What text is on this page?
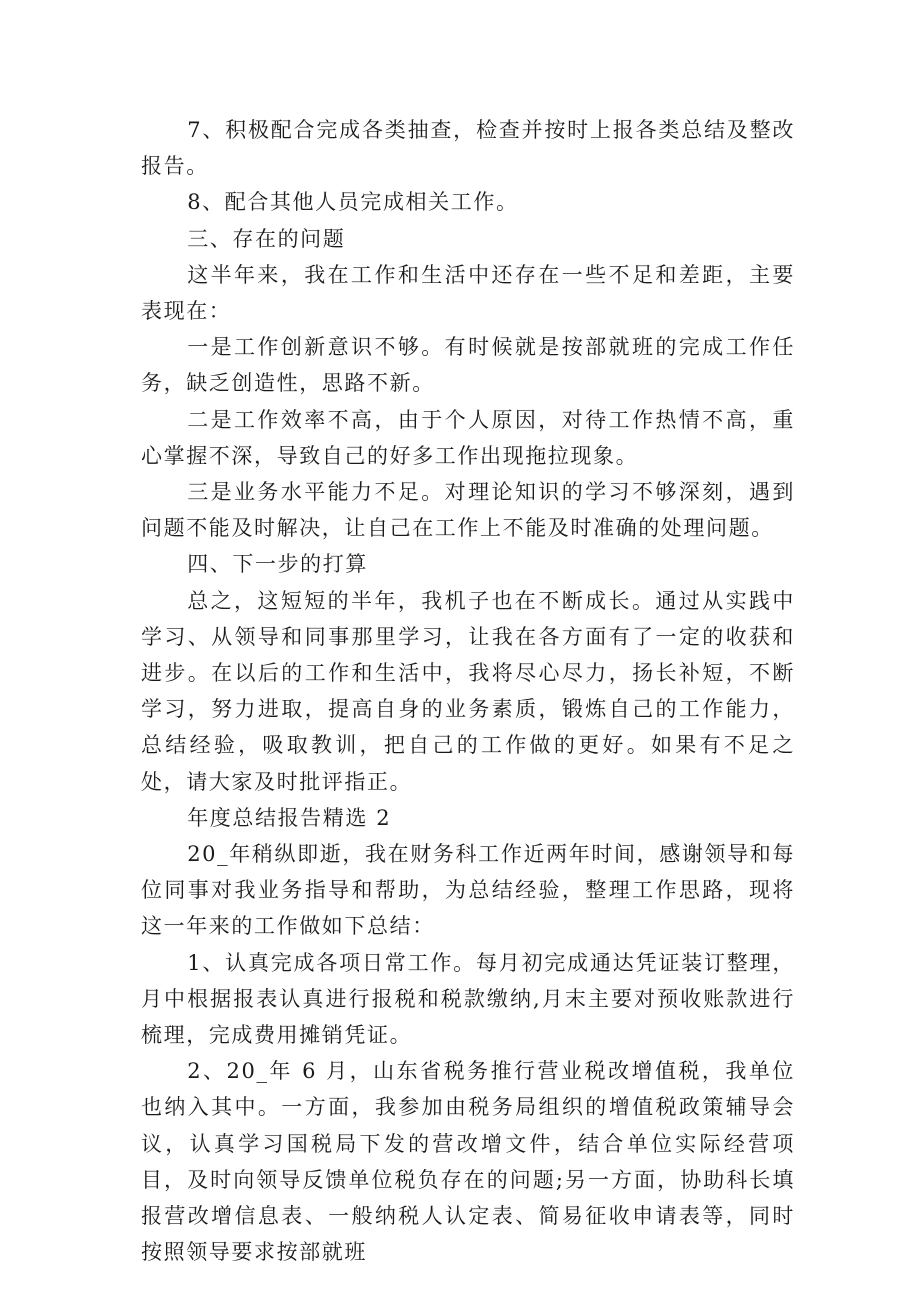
7、积极配合完成各类抽查，检查并按时上报各类总结及整改报告。

8、配合其他人员完成相关工作。

三、存在的问题

这半年来，我在工作和生活中还存在一些不足和差距，主要表现在：

一是工作创新意识不够。有时候就是按部就班的完成工作任务，缺乏创造性，思路不新。

二是工作效率不高，由于个人原因，对待工作热情不高，重心掌握不深，导致自己的好多工作出现拖拉现象。

三是业务水平能力不足。对理论知识的学习不够深刻，遇到问题不能及时解决，让自己在工作上不能及时准确的处理问题。

四、下一步的打算

总之，这短短的半年，我机子也在不断成长。通过从实践中学习、从领导和同事那里学习，让我在各方面有了一定的收获和进步。在以后的工作和生活中，我将尽心尽力，扬长补短，不断学习，努力进取，提高自身的业务素质，锻炼自己的工作能力，总结经验，吸取教训，把自己的工作做的更好。如果有不足之处，请大家及时批评指正。

年度总结报告精选 2

20_年稍纵即逝，我在财务科工作近两年时间，感谢领导和每位同事对我业务指导和帮助，为总结经验，整理工作思路，现将这一年来的工作做如下总结：

1、认真完成各项日常工作。每月初完成通达凭证装订整理，月中根据报表认真进行报税和税款缴纳,月末主要对预收账款进行梳理，完成费用摊销凭证。

2、20_年 6 月，山东省税务推行营业税改增值税，我单位也纳入其中。一方面，我参加由税务局组织的增值税政策辅导会议，认真学习国税局下发的营改增文件，结合单位实际经营项目，及时向领导反馈单位税负存在的问题;另一方面，协助科长填报营改增信息表、一般纳税人认定表、简易征收申请表等，同时按照领导要求按部就班
